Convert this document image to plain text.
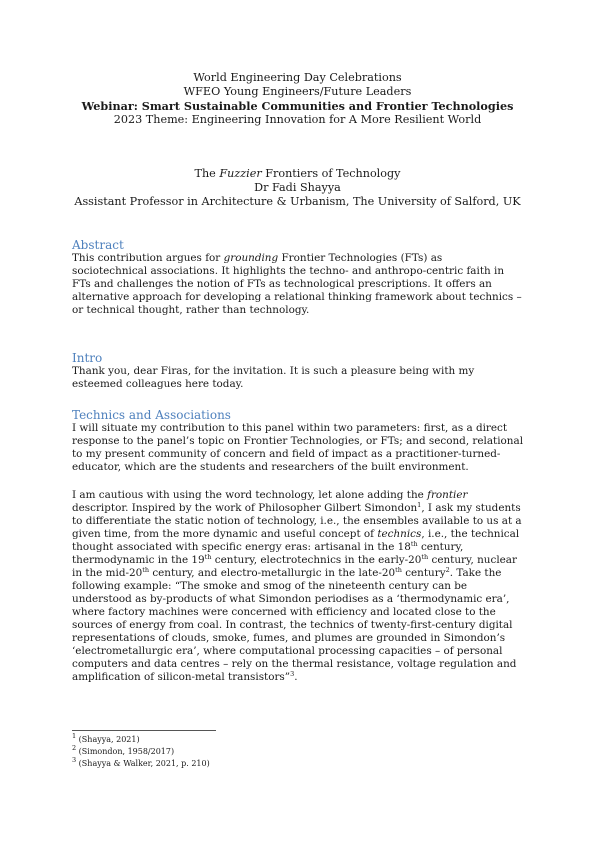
World Engineering Day Celebrations
WFEO Young Engineers/Future Leaders
Webinar: Smart Sustainable Communities and Frontier Technologies
2023 Theme: Engineering Innovation for A More Resilient World
The Fuzzier Frontiers of Technology
Dr Fadi Shayya
Assistant Professor in Architecture & Urbanism, The University of Salford, UK
Abstract
This contribution argues for grounding Frontier Technologies (FTs) as
sociotechnical associations. It highlights the techno- and anthropo-centric faith in
FTs and challenges the notion of FTs as technological prescriptions. It offers an
alternative approach for developing a relational thinking framework about technics –
or technical thought, rather than technology.
Intro
Thank you, dear Firas, for the invitation. It is such a pleasure being with my
esteemed colleagues here today.
Technics and Associations
I will situate my contribution to this panel within two parameters: first, as a direct
response to the panel’s topic on Frontier Technologies, or FTs; and second, relational
to my present community of concern and field of impact as a practitioner-turned-
educator, which are the students and researchers of the built environment.
I am cautious with using the word technology, let alone adding the frontier
descriptor. Inspired by the work of Philosopher Gilbert Simondon$^1$, I ask my students
to differentiate the static notion of technology, i.e., the ensembles available to us at a
given time, from the more dynamic and useful concept of technics, i.e., the technical
thought associated with specific energy eras: artisanal in the 18th century,
thermodynamic in the 19th century, electrotechnics in the early-20th century, nuclear
in the mid-20th century, and electro-metallurgic in the late-20th century$^2$. Take the
following example: “The smoke and smog of the nineteenth century can be
understood as by-products of what Simondon periodises as a ‘thermodynamic era’,
where factory machines were concerned with efficiency and located close to the
sources of energy from coal. In contrast, the technics of twenty-first-century digital
representations of clouds, smoke, fumes, and plumes are grounded in Simondon’s
‘electrometallurgic era’, where computational processing capacities – of personal
computers and data centres – rely on the thermal resistance, voltage regulation and
amplification of silicon-metal transistors”$^3$.
$^1$ (Shayya, 2021)
$^2$ (Simondon, 1958/2017)
$^3$ (Shayya & Walker, 2021, p. 210)
